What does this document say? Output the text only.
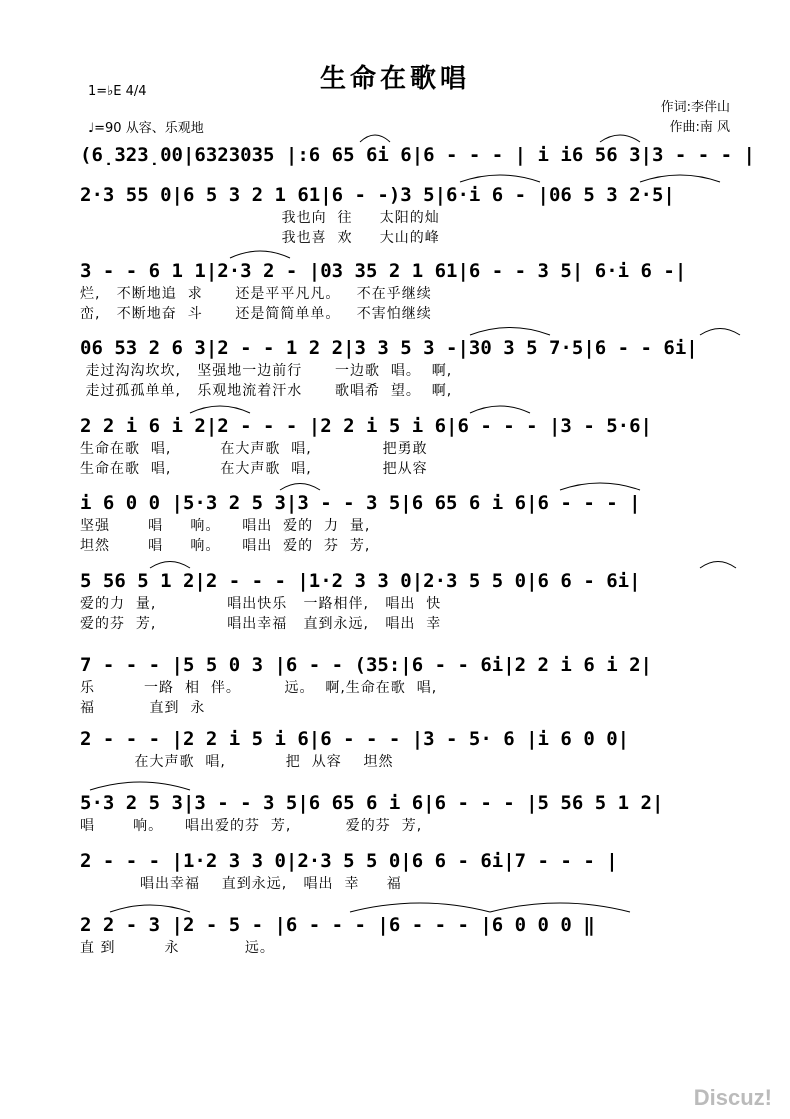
生命在歌唱
1=♭E 4/4
♩=90 从容、乐观地
作词:李伴山
作曲:南 风
(6̣323̣00|6323035 |:6 65 6i 6|6 - - - | i i6 56 3|3 - - - |
2·3 55 0|6 5 3 2 1 61|6 - -)3 5|6·i 6 - |06 5 3 2·5|
我也向  往     太阳的灿
我也喜  欢     大山的峰
3 - - 6 1 1|2·3 2 - |03 35 2 1 61|6 - - 3 5| 6·i 6 -|
烂,   不断地追  求      还是平平凡凡。   不在乎继续
峦,   不断地奋  斗      还是简简单单。   不害怕继续
06 53 2 6 3|2 - - 1 2 2|3 3 5 3 -|30 3 5 7·5|6 - - 6i|
走过沟沟坎坎,   坚强地一边前行      一边歌  唱。  啊,
走过孤孤单单,   乐观地流着汗水      歌唱希  望。  啊,
2 2 i 6 i 2|2 - - - |2 2 i 5 i 6|6 - - - |3 - 5·6|
生命在歌  唱,         在大声歌  唱,             把勇敢
生命在歌  唱,         在大声歌  唱,             把从容
i 6 0 0 |5·3 2 5 3|3 - - 3 5|6 65 6 i 6|6 - - - |
坚强       唱     响。    唱出  爱的  力  量,
坦然       唱     响。    唱出  爱的  芬  芳,
5 56 5 1 2|2 - - - |1·2 3 3 0|2·3 5 5 0|6 6 - 6i|
爱的力  量,             唱出快乐   一路相伴,   唱出  快
爱的芬  芳,             唱出幸福   直到永远,   唱出  幸
7 - - - |5 5 0 3 |6 - - (35:|6 - - 6i|2 2 i 6 i 2|
乐         一路  相  伴。        远。  啊,生命在歌  唱,
福          直到  永
2 - - - |2 2 i 5 i 6|6 - - - |3 - 5· 6 |i 6 0 0|
在大声歌  唱,           把  从容    坦然
5·3 2 5 3|3 - - 3 5|6 65 6 i 6|6 - - - |5 56 5 1 2|
唱       响。    唱出爱的芬  芳,          爱的芬  芳,
2 - - - |1·2 3 3 0|2·3 5 5 0|6 6 - 6i|7 - - - |
唱出幸福    直到永远,   唱出  幸     福
2 2 - 3 |2 - 5 - |6 - - - |6 - - - |6 0 0 0 ‖
直 到         永            远。
Discuz!
